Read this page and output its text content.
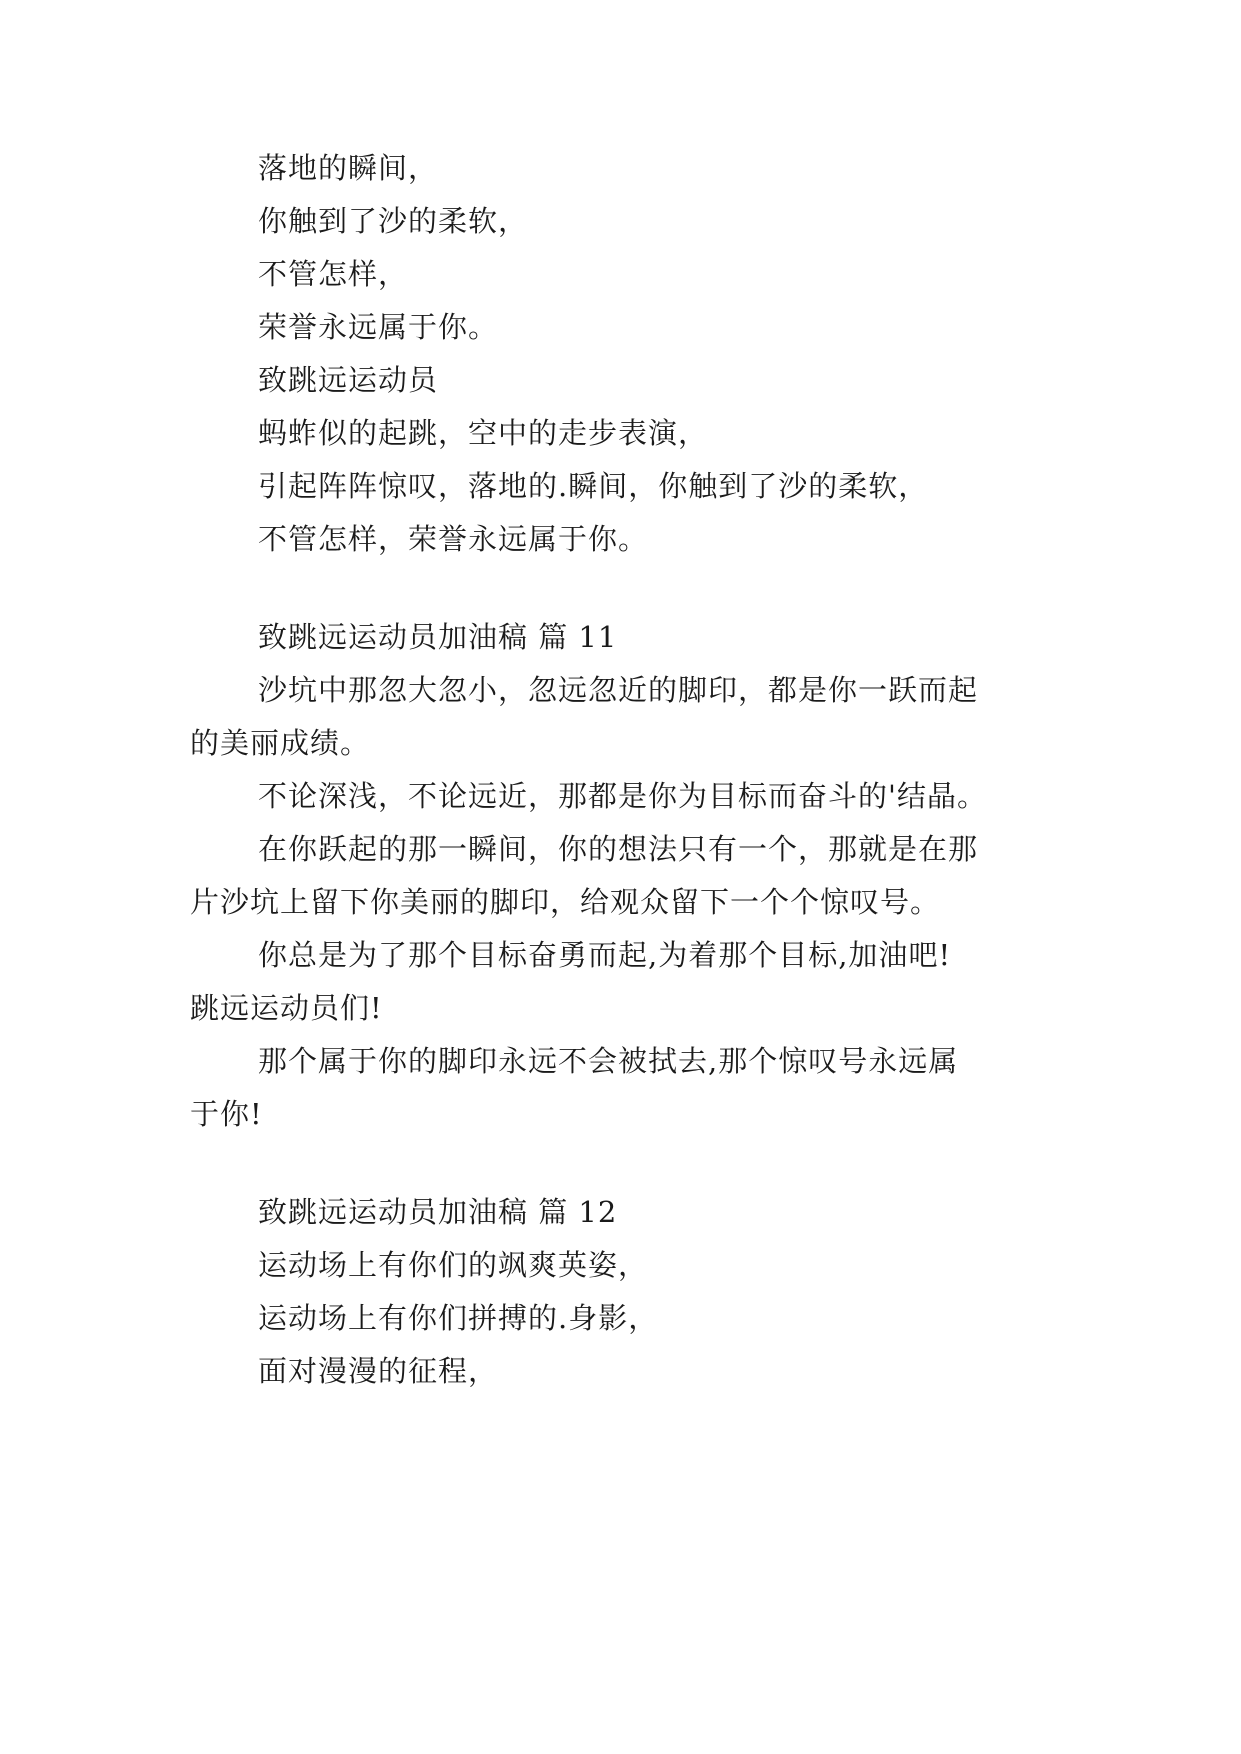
落地的瞬间，

你触到了沙的柔软，

不管怎样，

荣誉永远属于你。

致跳远运动员

蚂蚱似的起跳，空中的走步表演，

引起阵阵惊叹，落地的.瞬间，你触到了沙的柔软，

不管怎样，荣誉永远属于你。

致跳远运动员加油稿 篇 11

沙坑中那忽大忽小，忽远忽近的脚印，都是你一跃而起

的美丽成绩。

不论深浅，不论远近，那都是你为目标而奋斗的'结晶。

在你跃起的那一瞬间，你的想法只有一个，那就是在那

片沙坑上留下你美丽的脚印，给观众留下一个个惊叹号。

你总是为了那个目标奋勇而起,为着那个目标,加油吧!

跳远运动员们!

那个属于你的脚印永远不会被拭去,那个惊叹号永远属

于你!

致跳远运动员加油稿 篇 12

运动场上有你们的飒爽英姿，

运动场上有你们拼搏的.身影，

面对漫漫的征程，
